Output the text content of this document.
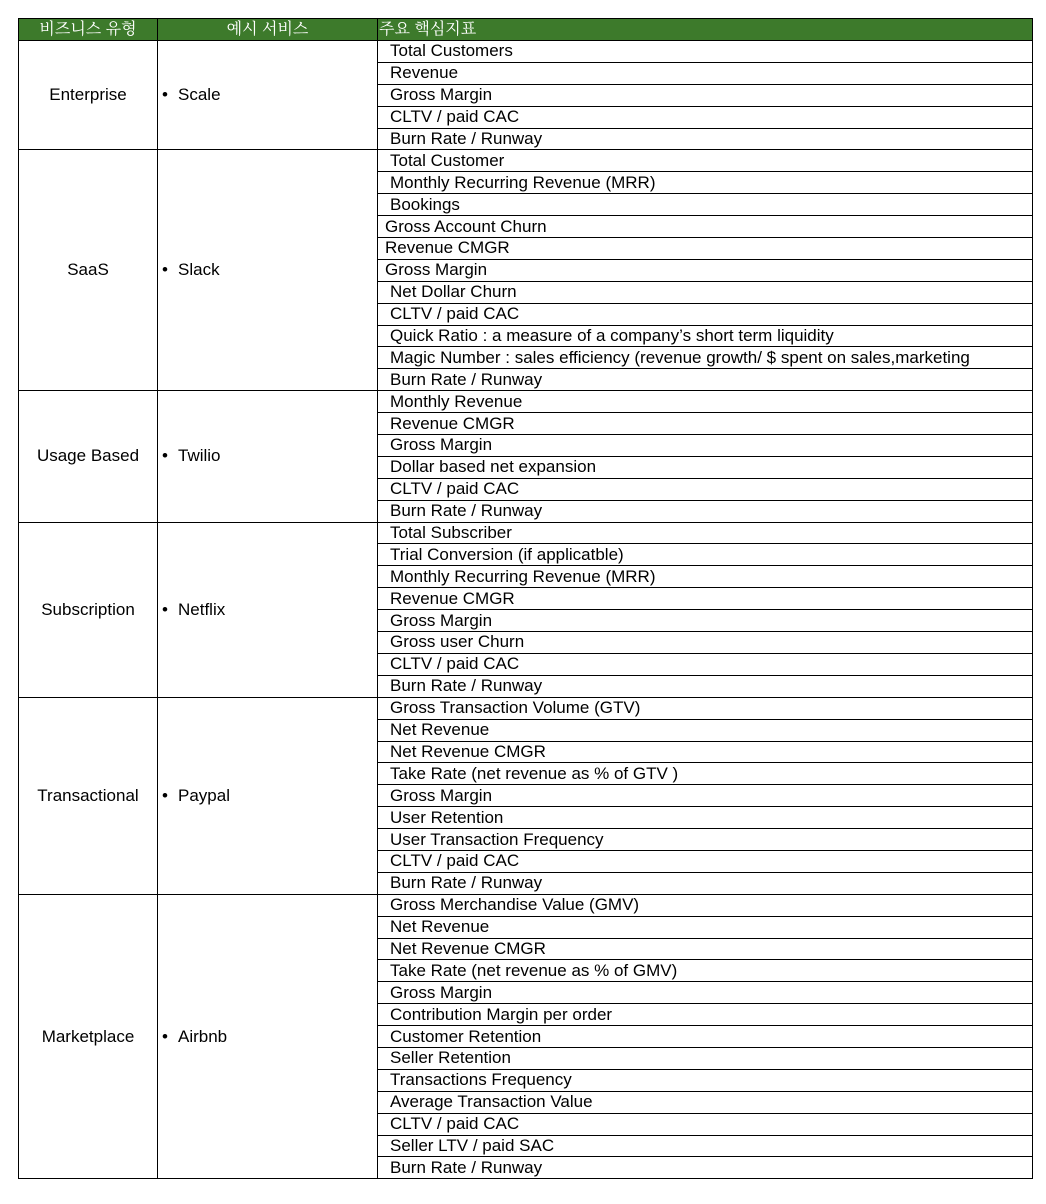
비즈니스 유형	예시 서비스	주요 핵심지표
Enterprise	• Scale	Total Customers
		Revenue
		Gross Margin
		CLTV / paid CAC
		Burn Rate / Runway
SaaS	• Slack	Total Customer
		Monthly Recurring Revenue (MRR)
		Bookings
		Gross Account Churn
		Revenue CMGR
		Gross Margin
		Net Dollar Churn
		CLTV / paid CAC
		Quick Ratio : a measure of a company’s short term liquidity
		Magic Number : sales efficiency (revenue growth/ $ spent on sales,marketing
		Burn Rate / Runway
Usage Based	• Twilio	Monthly Revenue
		Revenue CMGR
		Gross Margin
		Dollar based net expansion
		CLTV / paid CAC
		Burn Rate / Runway
Subscription	• Netflix	Total Subscriber
		Trial Conversion (if applicatble)
		Monthly Recurring Revenue (MRR)
		Revenue CMGR
		Gross Margin
		Gross user Churn
		CLTV / paid CAC
		Burn Rate / Runway
Transactional	• Paypal	Gross Transaction Volume (GTV)
		Net Revenue
		Net Revenue CMGR
		Take Rate (net revenue as % of GTV )
		Gross Margin
		User Retention
		User Transaction Frequency
		CLTV / paid CAC
		Burn Rate / Runway
Marketplace	• Airbnb	Gross Merchandise Value (GMV)
		Net Revenue
		Net Revenue CMGR
		Take Rate (net revenue as % of GMV)
		Gross Margin
		Contribution Margin per order
		Customer Retention
		Seller Retention
		Transactions Frequency
		Average Transaction Value
		CLTV / paid CAC
		Seller LTV / paid SAC
		Burn Rate / Runway
